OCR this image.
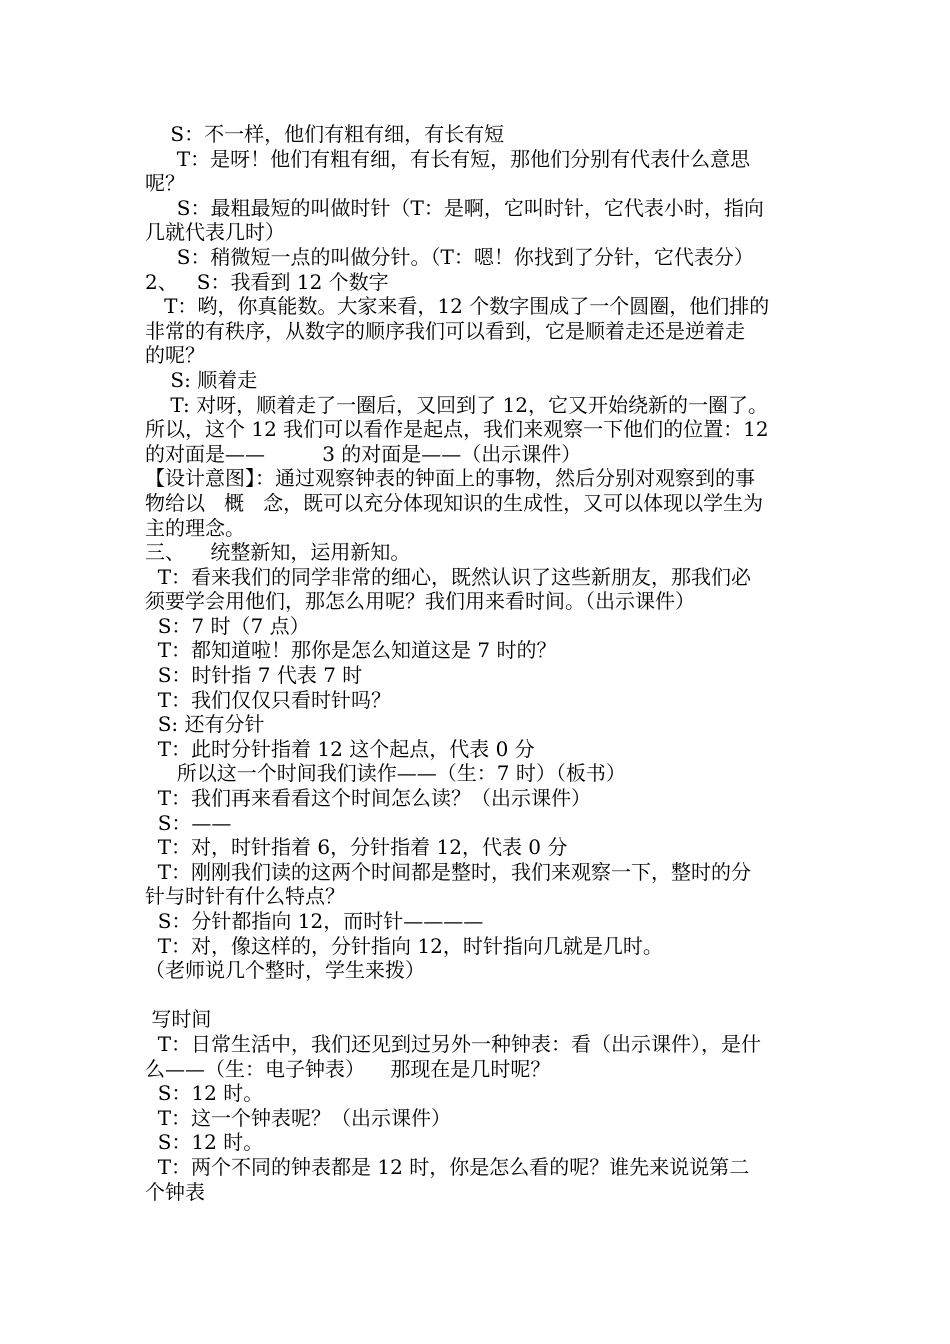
S：不一样，他们有粗有细，有长有短

T：是呀！他们有粗有细，有长有短，那他们分别有代表什么意思

呢？

S：最粗最短的叫做时针（T：是啊，它叫时针，它代表小时，指向

几就代表几时）

S：稍微短一点的叫做分针。（T：嗯！你找到了分针，它代表分）

2、   S：我看到 12 个数字

T：哟，你真能数。大家来看，12 个数字围成了一个圆圈，他们排的

非常的有秩序，从数字的顺序我们可以看到，它是顺着走还是逆着走

的呢？

S: 顺着走

T: 对呀，顺着走了一圈后，又回到了 12，它又开始绕新的一圈了。

所以，这个 12 我们可以看作是起点，我们来观察一下他们的位置：12

的对面是——         3 的对面是——（出示课件）

【设计意图】：通过观察钟表的钟面上的事物，然后分别对观察到的事

物给以   概   念，既可以充分体现知识的生成性，又可以体现以学生为

主的理念。

三、    统整新知，运用新知。

T：看来我们的同学非常的细心，既然认识了这些新朋友，那我们必

须要学会用他们，那怎么用呢？我们用来看时间。（出示课件）

S：7 时（7 点）

T：都知道啦！那你是怎么知道这是 7 时的？

S：时针指 7 代表 7 时

T：我们仅仅只看时针吗？

S: 还有分针

T：此时分针指着 12 这个起点，代表 0 分

所以这一个时间我们读作——（生：7 时）（板书）

T：我们再来看看这个时间怎么读？（出示课件）

S：——

T：对，时针指着 6，分针指着 12，代表 0 分

T：刚刚我们读的这两个时间都是整时，我们来观察一下，整时的分

针与时针有什么特点？

S：分针都指向 12，而时针————

T：对，像这样的，分针指向 12，时针指向几就是几时。

（老师说几个整时，学生来拨）

写时间

T：日常生活中，我们还见到过另外一种钟表：看（出示课件），是什

么——（生：电子钟表）    那现在是几时呢？

S：12 时。

T：这一个钟表呢？（出示课件）

S：12 时。

T：两个不同的钟表都是 12 时，你是怎么看的呢？谁先来说说第二

个钟表
